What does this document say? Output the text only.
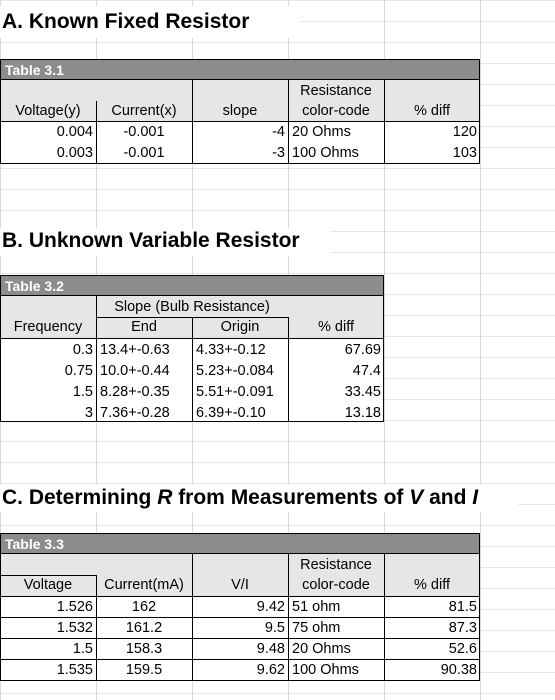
A. Known Fixed Resistor
Table 3.1
Resistance
Voltage(y)	Current(x)	slope	color-code	% diff
0.004	-0.001	-4 20 Ohms	120
0.003	-0.001	-3 100 Ohms	103
B. Unknown Variable Resistor
Table 3.2
Slope (Bulb Resistance)
Frequency	End	Origin	% diff
0.3 13.4+-0.63	4.33+-0.12	67.69
0.75 10.0+-0.44	5.23+-0.084	47.4
1.5 8.28+-0.35	5.51+-0.091	33.45
3 7.36+-0.28	6.39+-0.10	13.18
C. Determining R from Measurements of V and I
Table 3.3
Resistance
Voltage	Current(mA)	V/I	color-code	% diff
1.526	162	9.42 51 ohm	81.5
1.532	161.2	9.5 75 ohm	87.3
1.5	158.3	9.48 20 Ohms	52.6
1.535	159.5	9.62 100 Ohms	90.38
